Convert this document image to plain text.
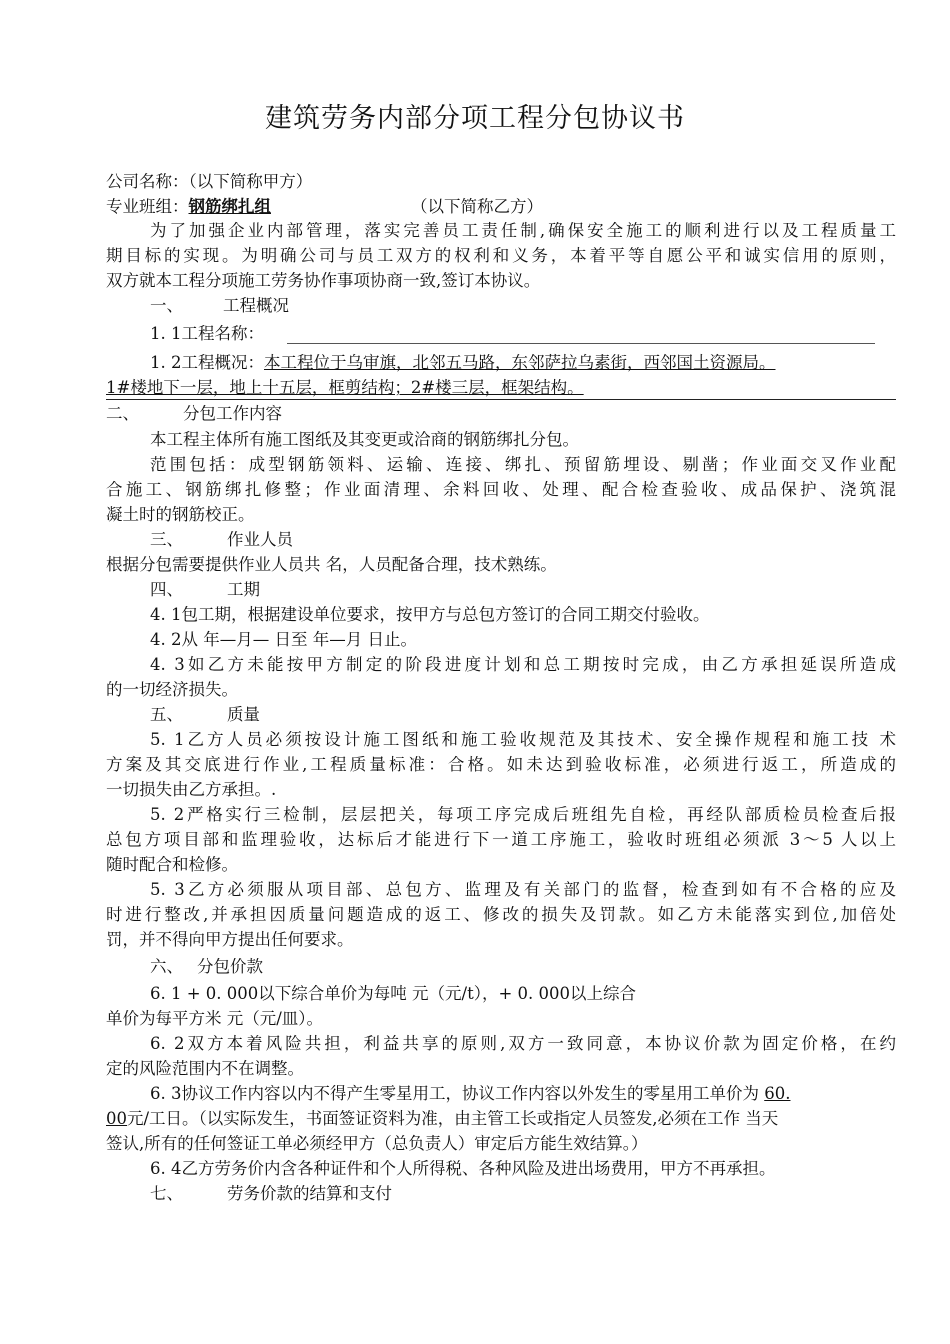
建筑劳务内部分项工程分包协议书
公司名称：（以下简称甲方）
专业班组：钢筋绑扎组	（以下简称乙方）
为了加强企业内部管理，落实完善员工责任制,确保安全施工的顺利进行以及工程质量工
期目标的实现。为明确公司与员工双方的权利和义务，本着平等自愿公平和诚实信用的原则，
双方就本工程分项施工劳务协作事项协商一致,签订本协议。
一、 工程概况
1. 1工程名称：
1. 2工程概况：本工程位于乌审旗，北邻五马路，东邻萨拉乌素街，西邻国土资源局。
1#楼地下一层，地上十五层，框剪结构；2#楼三层，框架结构。
二、	分包工作内容
本工程主体所有施工图纸及其变更或洽商的钢筋绑扎分包。
范围包括：成型钢筋领料、运输、连接、绑扎、预留筋埋设、剔凿；作业面交叉作业配
合施工、钢筋绑扎修整；作业面清理、余料回收、处理、配合检查验收、成品保护、浇筑混
凝土时的钢筋校正。
三、	作业人员
根据分包需要提供作业人员共 名，人员配备合理，技术熟练。
四、	工期
4. 1包工期，根据建设单位要求，按甲方与总包方签订的合同工期交付验收。
4. 2从 年—月— 日至 年—月 日止。
4. 3如乙方未能按甲方制定的阶段进度计划和总工期按时完成，由乙方承担延误所造成
的一切经济损失。
五、	质量
5. 1乙方人员必须按设计施工图纸和施工验收规范及其技术、安全操作规程和施工技 术
方案及其交底进行作业,工程质量标准：合格。如未达到验收标准，必须进行返工，所造成的
一切损失由乙方承担。.
5. 2严格实行三检制，层层把关，每项工序完成后班组先自检，再经队部质检员检查后报
总包方项目部和监理验收，达标后才能进行下一道工序施工，验收时班组必须派 3〜5 人以上
随时配合和检修。
5. 3乙方必须服从项目部、总包方、监理及有关部门的监督，检查到如有不合格的应及
时进行整改,并承担因质量问题造成的返工、修改的损失及罚款。如乙方未能落实到位,加倍处
罚，并不得向甲方提出任何要求。
六、 分包价款
6. 1 + 0. 000以下综合单价为每吨 元（元/t），+ 0. 000以上综合
单价为每平方米 元（元/皿）。
6. 2双方本着风险共担，利益共享的原则,双方一致同意，本协议价款为固定价格，在约
定的风险范围内不在调整。
6. 3协议工作内容以内不得产生零星用工，协议工作内容以外发生的零星用工单价为 60.
00元/工日。（以实际发生，书面签证资料为准，由主管工长或指定人员签发,必须在工作 当天
签认,所有的任何签证工单必须经甲方（总负责人）审定后方能生效结算。）
6. 4乙方劳务价内含各种证件和个人所得税、各种风险及进出场费用，甲方不再承担。
七、	劳务价款的结算和支付
